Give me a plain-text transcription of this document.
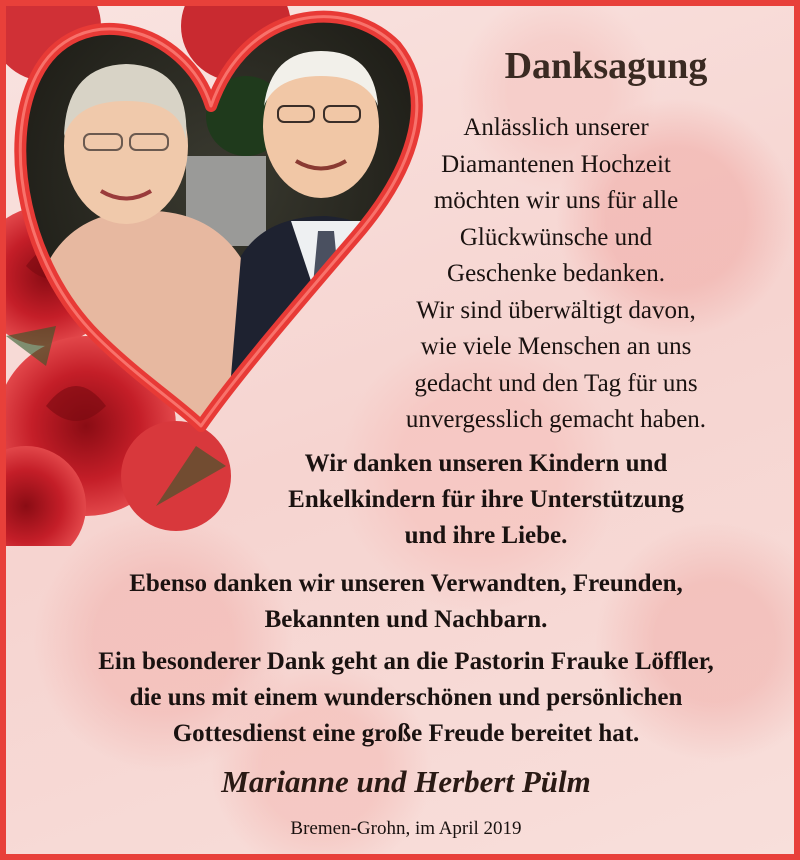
Danksagung

Anlässlich unserer
Diamantenen Hochzeit
möchten wir uns für alle
Glückwünsche und
Geschenke bedanken.
Wir sind überwältigt davon,
wie viele Menschen an uns
gedacht und den Tag für uns
unvergesslich gemacht haben.

Wir danken unseren Kindern und
Enkelkindern für ihre Unterstützung
und ihre Liebe.

Ebenso danken wir unseren Verwandten, Freunden,
Bekannten und Nachbarn.

Ein besonderer Dank geht an die Pastorin Frauke Löffler,
die uns mit einem wunderschönen und persönlichen
Gottesdienst eine große Freude bereitet hat.

Marianne und Herbert Pülm

Bremen-Grohn, im April 2019
